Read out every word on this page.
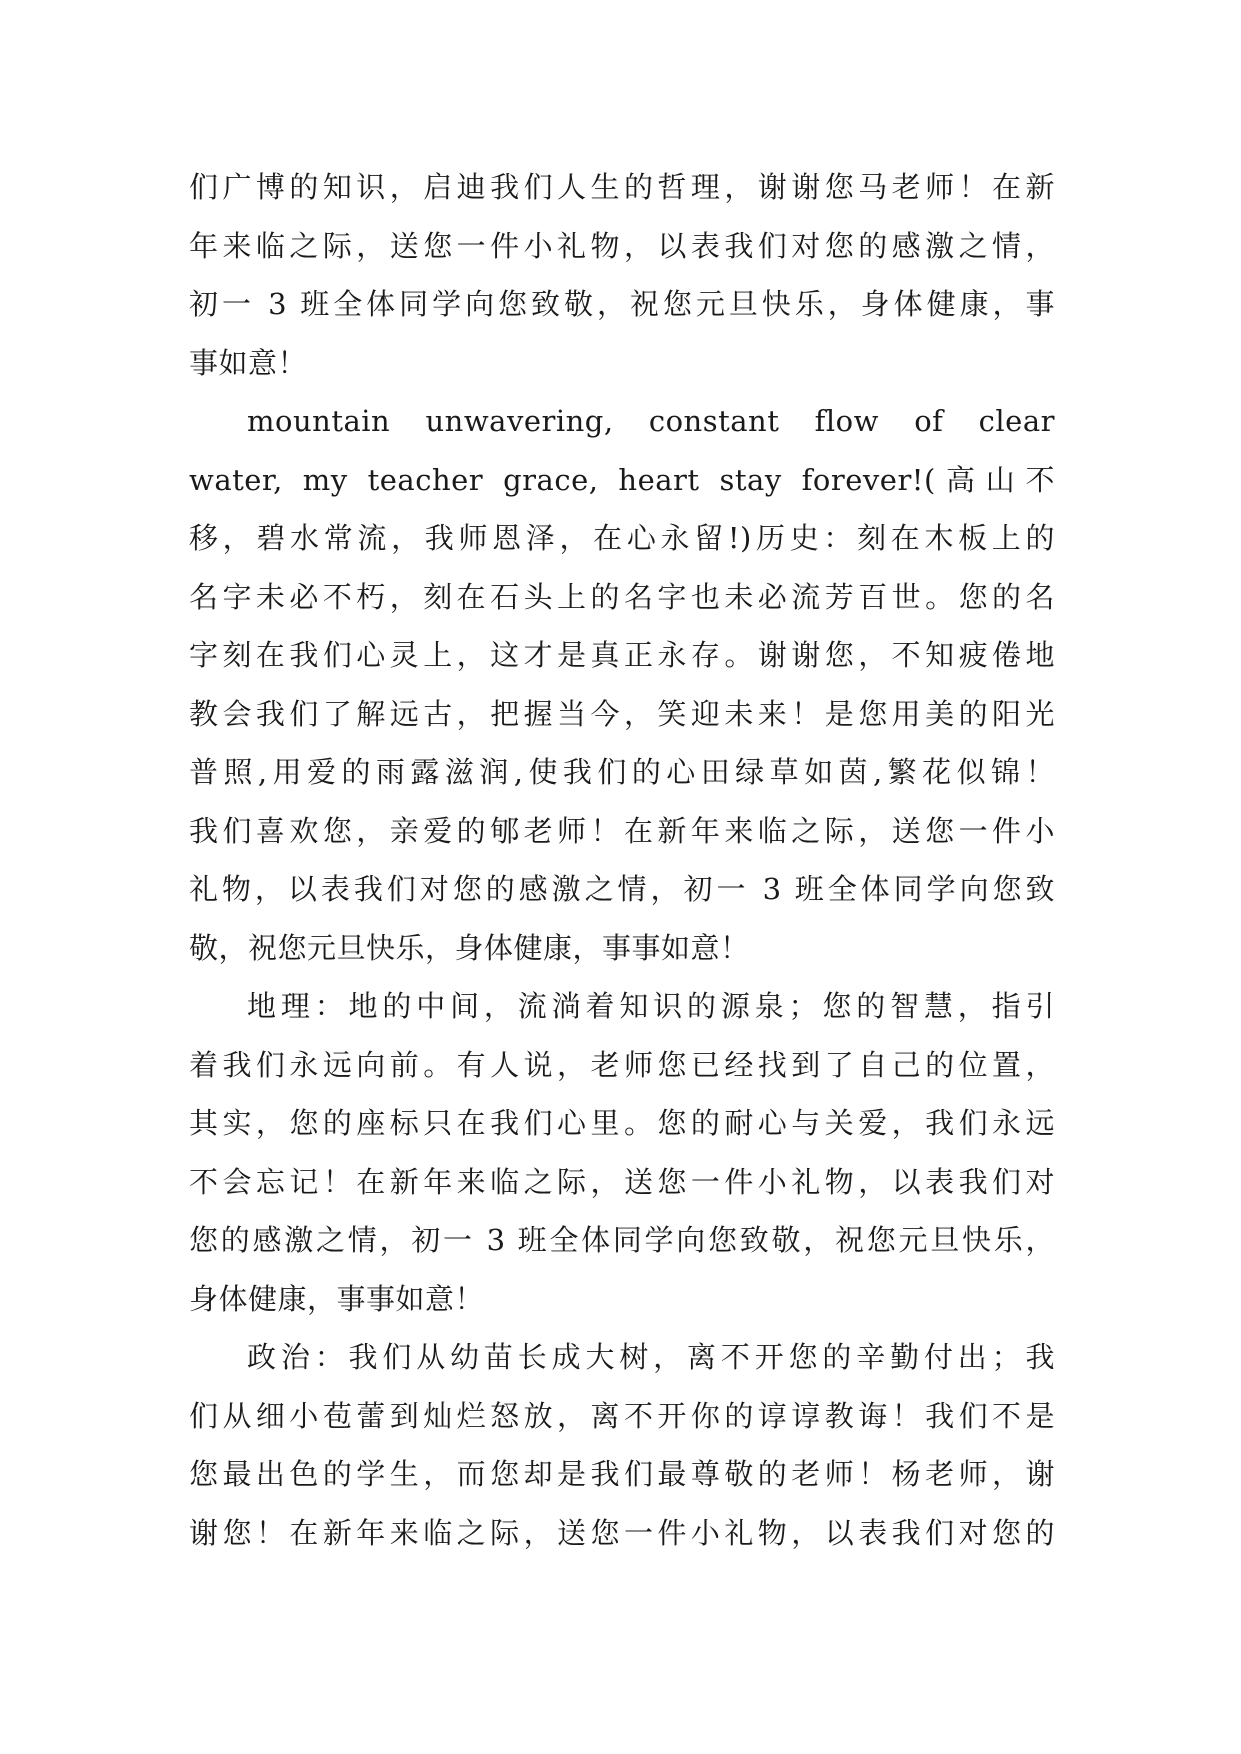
们广博的知识，启迪我们人生的哲理，谢谢您马老师！在新
年来临之际，送您一件小礼物，以表我们对您的感激之情，
初一 3 班全体同学向您致敬，祝您元旦快乐，身体健康，事
事如意！
mountain unwavering, constant flow of clear
water, my teacher grace, heart stay forever!(高山不
移，碧水常流，我师恩泽，在心永留!)历史：刻在木板上的
名字未必不朽，刻在石头上的名字也未必流芳百世。您的名
字刻在我们心灵上，这才是真正永存。谢谢您，不知疲倦地
教会我们了解远古，把握当今，笑迎未来！是您用美的阳光
普照,用爱的雨露滋润,使我们的心田绿草如茵,繁花似锦！
我们喜欢您，亲爱的郇老师！在新年来临之际，送您一件小
礼物，以表我们对您的感激之情，初一 3 班全体同学向您致
敬，祝您元旦快乐，身体健康，事事如意！
地理：地的中间，流淌着知识的源泉；您的智慧，指引
着我们永远向前。有人说，老师您已经找到了自己的位置，
其实，您的座标只在我们心里。您的耐心与关爱，我们永远
不会忘记！在新年来临之际，送您一件小礼物，以表我们对
您的感激之情，初一 3 班全体同学向您致敬，祝您元旦快乐，
身体健康，事事如意！
政治：我们从幼苗长成大树，离不开您的辛勤付出；我
们从细小苞蕾到灿烂怒放，离不开你的谆谆教诲！我们不是
您最出色的学生，而您却是我们最尊敬的老师！杨老师，谢
谢您！在新年来临之际，送您一件小礼物，以表我们对您的
